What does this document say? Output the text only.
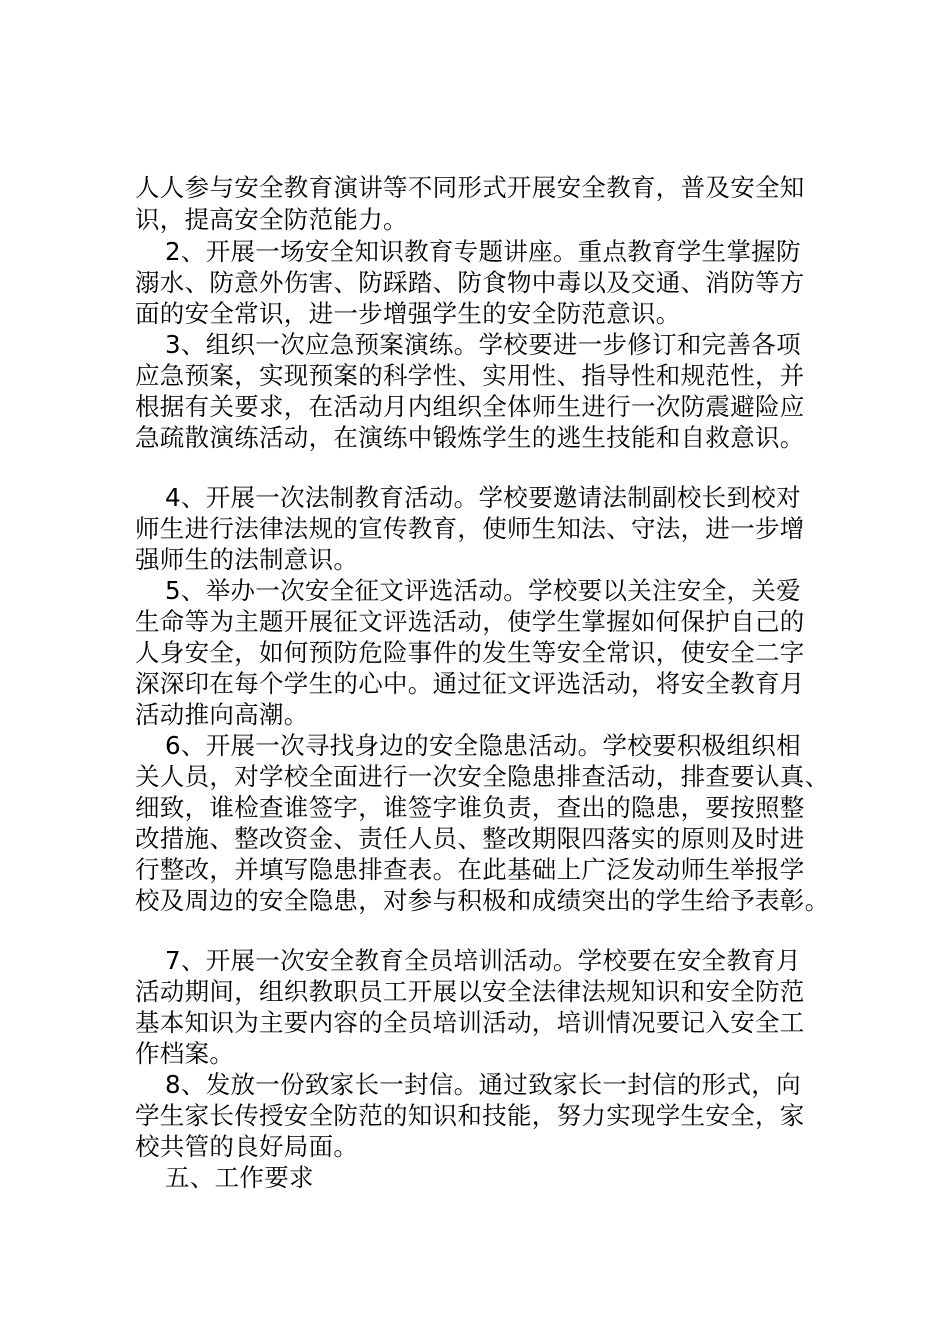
人人参与安全教育演讲等不同形式开展安全教育，普及安全知
识，提高安全防范能力。
2、开展一场安全知识教育专题讲座。重点教育学生掌握防
溺水、防意外伤害、防踩踏、防食物中毒以及交通、消防等方
面的安全常识，进一步增强学生的安全防范意识。
3、组织一次应急预案演练。学校要进一步修订和完善各项
应急预案，实现预案的科学性、实用性、指导性和规范性，并
根据有关要求，在活动月内组织全体师生进行一次防震避险应
急疏散演练活动，在演练中锻炼学生的逃生技能和自救意识。
4、开展一次法制教育活动。学校要邀请法制副校长到校对
师生进行法律法规的宣传教育，使师生知法、守法，进一步增
强师生的法制意识。
5、举办一次安全征文评选活动。学校要以关注安全，关爱
生命等为主题开展征文评选活动，使学生掌握如何保护自己的
人身安全，如何预防危险事件的发生等安全常识，使安全二字
深深印在每个学生的心中。通过征文评选活动，将安全教育月
活动推向高潮。
6、开展一次寻找身边的安全隐患活动。学校要积极组织相
关人员，对学校全面进行一次安全隐患排查活动，排查要认真、
细致，谁检查谁签字，谁签字谁负责，查出的隐患，要按照整
改措施、整改资金、责任人员、整改期限四落实的原则及时进
行整改，并填写隐患排查表。在此基础上广泛发动师生举报学
校及周边的安全隐患，对参与积极和成绩突出的学生给予表彰。
7、开展一次安全教育全员培训活动。学校要在安全教育月
活动期间，组织教职员工开展以安全法律法规知识和安全防范
基本知识为主要内容的全员培训活动，培训情况要记入安全工
作档案。
8、发放一份致家长一封信。通过致家长一封信的形式，向
学生家长传授安全防范的知识和技能，努力实现学生安全，家
校共管的良好局面。
五、工作要求
